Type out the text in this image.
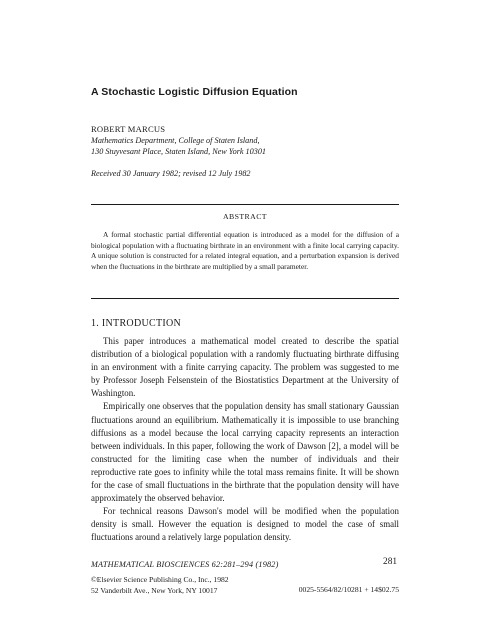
A Stochastic Logistic Diffusion Equation
ROBERT MARCUS
Mathematics Department, College of Staten Island,
130 Stuyvesant Place, Staten Island, New York 10301
Received 30 January 1982; revised 12 July 1982
ABSTRACT

A formal stochastic partial differential equation is introduced as a model for the diffusion of a biological population with a fluctuating birthrate in an environment with a finite local carrying capacity. A unique solution is constructed for a related integral equation, and a perturbation expansion is derived when the fluctuations in the birthrate are multiplied by a small parameter.

1. INTRODUCTION

This paper introduces a mathematical model created to describe the spatial distribution of a biological population with a randomly fluctuating birthrate diffusing in an environment with a finite carrying capacity. The problem was suggested to me by Professor Joseph Felsenstein of the Biostatistics Department at the University of Washington.

Empirically one observes that the population density has small stationary Gaussian fluctuations around an equilibrium. Mathematically it is impossible to use branching diffusions as a model because the local carrying capacity represents an interaction between individuals. In this paper, following the work of Dawson [2], a model will be constructed for the limiting case when the number of individuals and their reproductive rate goes to infinity while the total mass remains finite. It will be shown for the case of small fluctuations in the birthrate that the population density will have approximately the observed behavior.

For technical reasons Dawson's model will be modified when the population density is small. However the equation is designed to model the case of small fluctuations around a relatively large population density.

MATHEMATICAL BIOSCIENCES 62:281–294 (1982)	281
©Elsevier Science Publishing Co., Inc., 1982
52 Vanderbilt Ave., New York, NY 10017	0025-5564/82/10281 + 14$02.75
